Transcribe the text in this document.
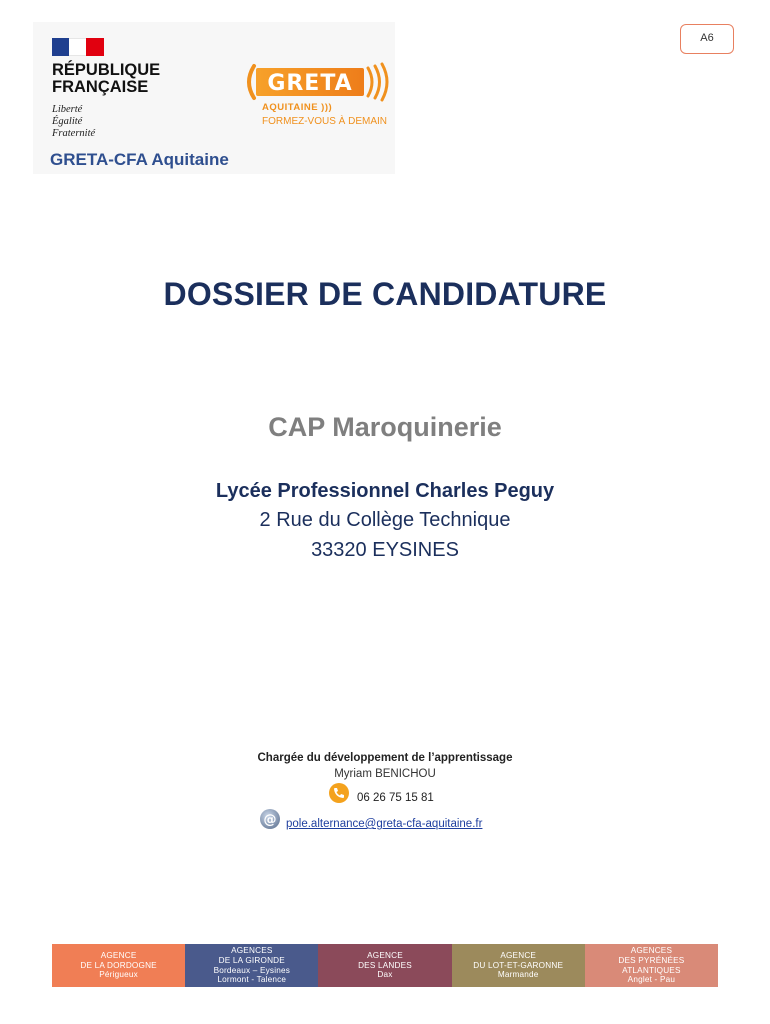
RÉPUBLIQUE
FRANÇAISE
Liberté
Égalité
Fraternité
GRETA-CFA Aquitaine
GRETA
AQUITAINE )))
FORMEZ-VOUS À DEMAIN
A6
DOSSIER DE CANDIDATURE
CAP Maroquinerie
Lycée Professionnel Charles Peguy
2 Rue du Collège Technique
33320 EYSINES
Chargée du développement de l’apprentissage
Myriam BENICHOU
06 26 75 15 81
@ pole.alternance@greta-cfa-aquitaine.fr
AGENCE
DE LA DORDOGNE
Périgueux
AGENCES
DE LA GIRONDE
Bordeaux – Eysines
Lormont - Talence
AGENCE
DES LANDES
Dax
AGENCE
DU LOT-ET-GARONNE
Marmande
AGENCES
DES PYRÉNÉES
ATLANTIQUES
Anglet - Pau
